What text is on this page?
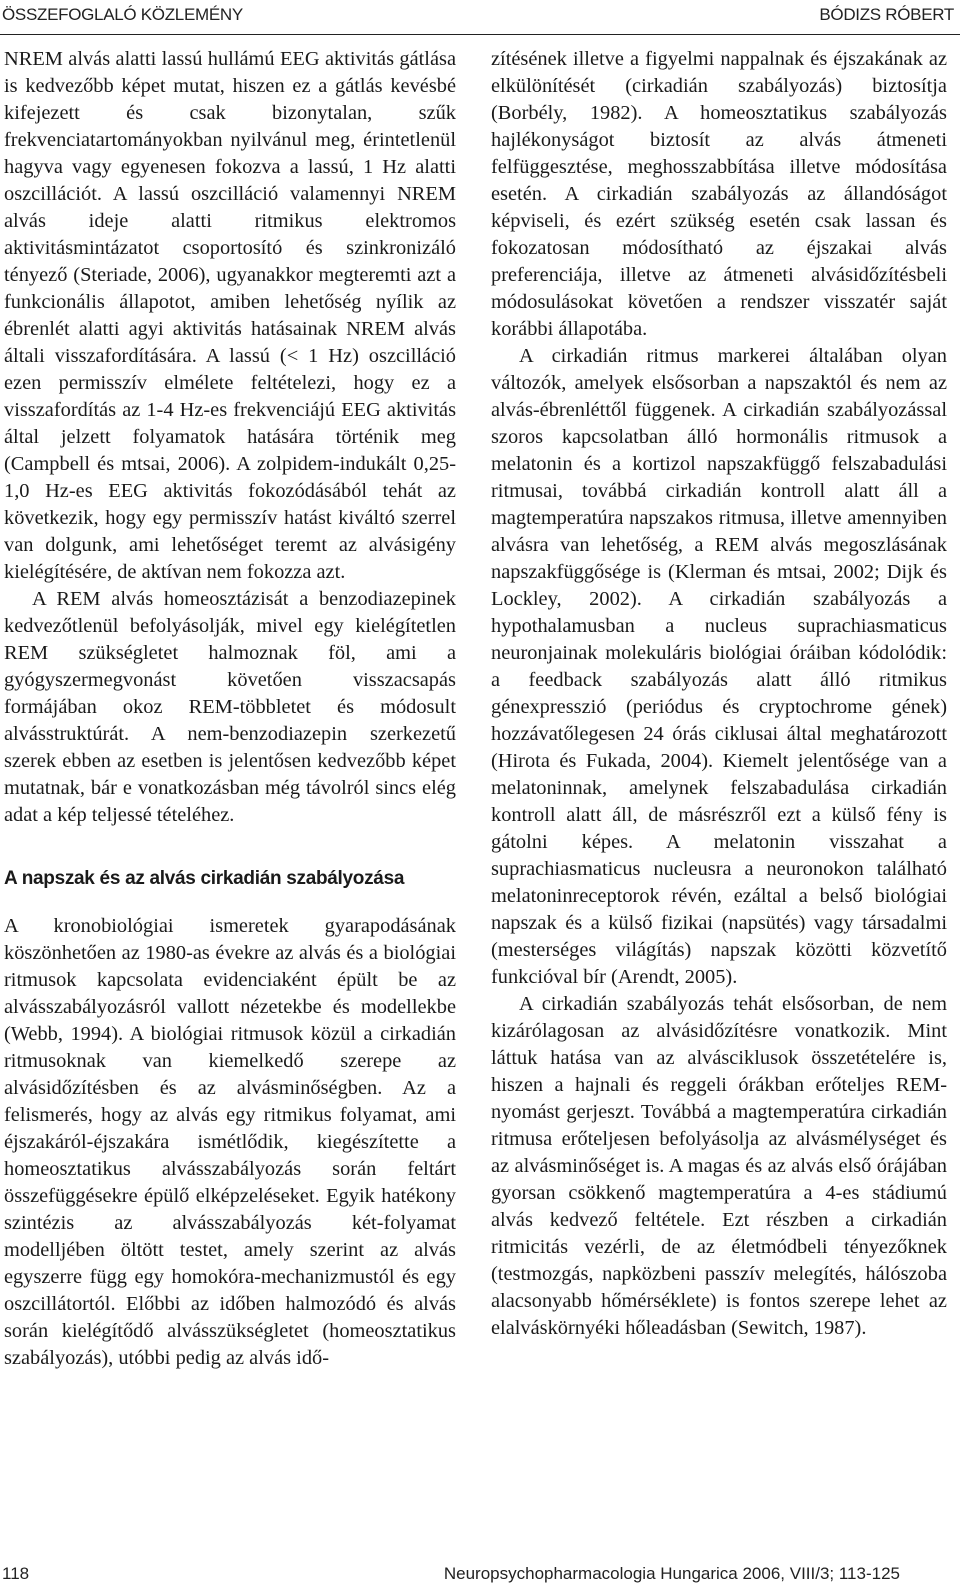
ÖSSZEFOGLALÓ KÖZLEMÉNY	BÓDIZS RÓBERT

NREM alvás alatti lassú hullámú EEG aktivitás gátlása is kedvezőbb képet mutat, hiszen ez a gátlás kevésbé kifejezett és csak bizonytalan, szűk frekvenciatartományokban nyilvánul meg, érintetlenül hagyva vagy egyenesen fokozva a lassú, 1 Hz alatti oszcillációt. A lassú oszcilláció valamennyi NREM alvás ideje alatti ritmikus elektromos aktivitásmintázatot csoportosító és szinkronizáló tényező (Steriade, 2006), ugyanakkor megteremti azt a funkcionális állapotot, amiben lehetőség nyílik az ébrenlét alatti agyi aktivitás hatásainak NREM alvás általi visszafordítására. A lassú (< 1 Hz) oszcilláció ezen permisszív elmélete feltételezi, hogy ez a visszafordítás az 1-4 Hz-es frekvenciájú EEG aktivitás által jelzett folyamatok hatására történik meg (Campbell és mtsai, 2006). A zolpidem-indukált 0,25-1,0 Hz-es EEG aktivitás fokozódásából tehát az következik, hogy egy permisszív hatást kiváltó szerrel van dolgunk, ami lehetőséget teremt az alvásigény kielégítésére, de aktívan nem fokozza azt.

A REM alvás homeosztázisát a benzodiazepinek kedvezőtlenül befolyásolják, mivel egy kielégítetlen REM szükségletet halmoznak föl, ami a gyógyszermegvonást követően visszacsapás formájában okoz REM-többletet és módosult alvásstruktúrát. A nem-benzodiazepin szerkezetű szerek ebben az esetben is jelentősen kedvezőbb képet mutatnak, bár e vonatkozásban még távolról sincs elég adat a kép teljessé tételéhez.

A napszak és az alvás cirkadián szabályozása

A kronobiológiai ismeretek gyarapodásának köszönhetően az 1980-as évekre az alvás és a biológiai ritmusok kapcsolata evidenciaként épült be az alvásszabályozásról vallott nézetekbe és modellekbe (Webb, 1994). A biológiai ritmusok közül a cirkadián ritmusoknak van kiemelkedő szerepe az alvásidőzítésben és az alvásminőségben. Az a felismerés, hogy az alvás egy ritmikus folyamat, ami éjszakáról-éjszakára ismétlődik, kiegészítette a homeosztatikus alvásszabályozás során feltárt összefüggésekre épülő elképzeléseket. Egyik hatékony szintézis az alvásszabályozás két-folyamat modelljében öltött testet, amely szerint az alvás egyszerre függ egy homokóra-mechanizmustól és egy oszcillátortól. Előbbi az időben halmozódó és alvás során kielégítődő alvásszükségletet (homeosztatikus szabályozás), utóbbi pedig az alvás idő-

zítésének illetve a figyelmi nappalnak és éjszakának az elkülönítését (cirkadián szabályozás) biztosítja (Borbély, 1982). A homeosztatikus szabályozás hajlékonyságot biztosít az alvás átmeneti felfüggesztése, meghosszabbítása illetve módosítása esetén. A cirkadián szabályozás az állandóságot képviseli, és ezért szükség esetén csak lassan és fokozatosan módosítható az éjszakai alvás preferenciája, illetve az átmeneti alvásidőzítésbeli módosulásokat követően a rendszer visszatér saját korábbi állapotába.

A cirkadián ritmus markerei általában olyan változók, amelyek elsősorban a napszaktól és nem az alvás-ébrenléttől függenek. A cirkadián szabályozással szoros kapcsolatban álló hormonális ritmusok a melatonin és a kortizol napszakfüggő felszabadulási ritmusai, továbbá cirkadián kontroll alatt áll a magtemperatúra napszakos ritmusa, illetve amennyiben alvásra van lehetőség, a REM alvás megoszlásának napszakfüggősége is (Klerman és mtsai, 2002; Dijk és Lockley, 2002). A cirkadián szabályozás a hypothalamusban a nucleus suprachiasmaticus neuronjainak molekuláris biológiai óráiban kódolódik: a feedback szabályozás alatt álló ritmikus génexpresszió (periódus és cryptochrome gének) hozzávatőlegesen 24 órás ciklusai által meghatározott (Hirota és Fukada, 2004). Kiemelt jelentősége van a melatoninnak, amelynek felszabadulása cirkadián kontroll alatt áll, de másrészről ezt a külső fény is gátolni képes. A melatonin visszahat a suprachiasmaticus nucleusra a neuronokon található melatoninreceptorok révén, ezáltal a belső biológiai napszak és a külső fizikai (napsütés) vagy társadalmi (mesterséges világítás) napszak közötti közvetítő funkcióval bír (Arendt, 2005).

A cirkadián szabályozás tehát elsősorban, de nem kizárólagosan az alvásidőzítésre vonatkozik. Mint láttuk hatása van az alvásciklusok összetételére is, hiszen a hajnali és reggeli órákban erőteljes REM-nyomást gerjeszt. Továbbá a magtemperatúra cirkadián ritmusa erőteljesen befolyásolja az alvásmélységet és az alvásminőséget is. A magas és az alvás első órájában gyorsan csökkenő magtemperatúra a 4-es stádiumú alvás kedvező feltétele. Ezt részben a cirkadián ritmicitás vezérli, de az életmódbeli tényezőknek (testmozgás, napközbeni passzív melegítés, hálószoba alacsonyabb hőmérséklete) is fontos szerepe lehet az elalváskörnyéki hőleadásban (Sewitch, 1987).

118	Neuropsychopharmacologia Hungarica 2006, VIII/3; 113-125
